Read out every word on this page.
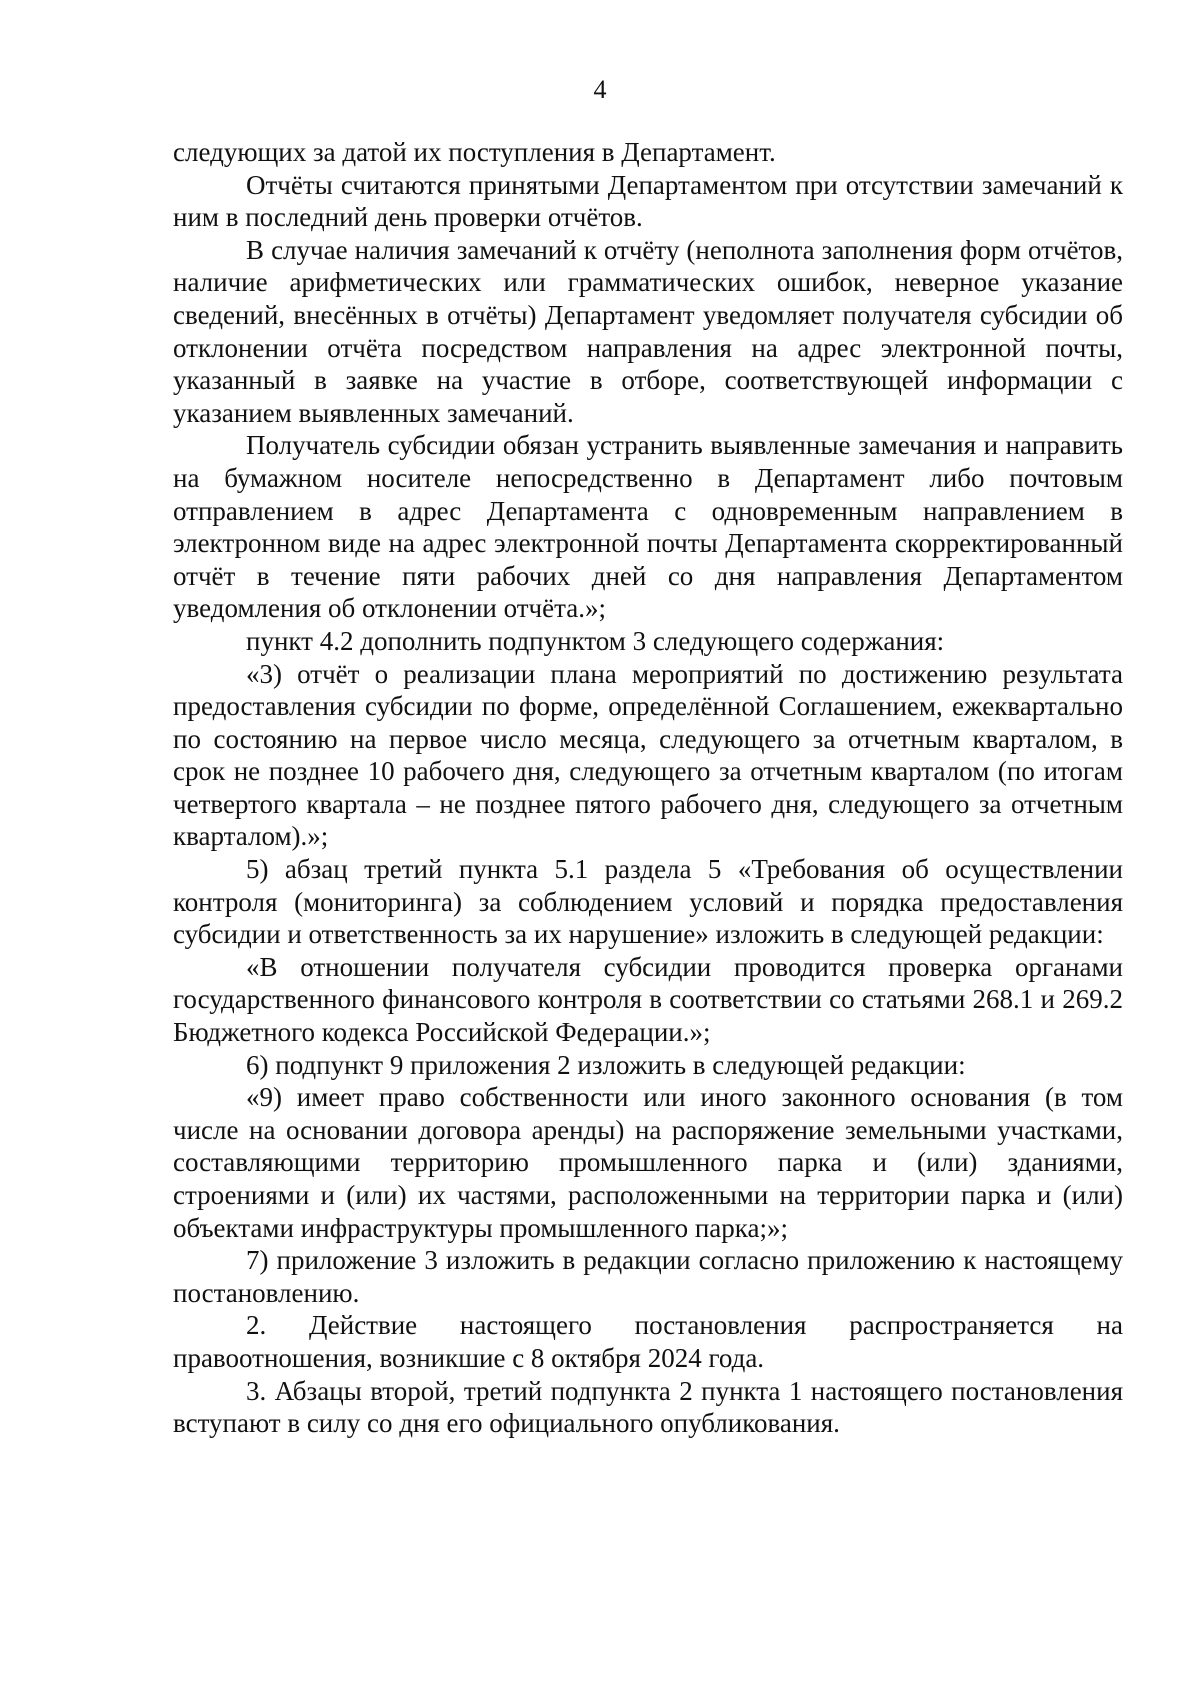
4

следующих за датой их поступления в Департамент.

Отчёты считаются принятыми Департаментом при отсутствии замечаний к ним в последний день проверки отчётов.

В случае наличия замечаний к отчёту (неполнота заполнения форм отчётов, наличие арифметических или грамматических ошибок, неверное указание сведений, внесённых в отчёты) Департамент уведомляет получателя субсидии об отклонении отчёта посредством направления на адрес электронной почты, указанный в заявке на участие в отборе, соответствующей информации с указанием выявленных замечаний.

Получатель субсидии обязан устранить выявленные замечания и направить на бумажном носителе непосредственно в Департамент либо почтовым отправлением в адрес Департамента с одновременным направлением в электронном виде на адрес электронной почты Департамента скорректированный отчёт в течение пяти рабочих дней со дня направления Департаментом уведомления об отклонении отчёта.»;

пункт 4.2 дополнить подпунктом 3 следующего содержания:

«3) отчёт о реализации плана мероприятий по достижению результата предоставления субсидии по форме, определённой Соглашением, ежеквартально по состоянию на первое число месяца, следующего за отчетным кварталом, в срок не позднее 10 рабочего дня, следующего за отчетным кварталом (по итогам четвертого квартала – не позднее пятого рабочего дня, следующего за отчетным кварталом).»;

5) абзац третий пункта 5.1 раздела 5 «Требования об осуществлении контроля (мониторинга) за соблюдением условий и порядка предоставления субсидии и ответственность за их нарушение» изложить в следующей редакции:

«В отношении получателя субсидии проводится проверка органами государственного финансового контроля в соответствии со статьями 268.1 и 269.2 Бюджетного кодекса Российской Федерации.»;

6) подпункт 9 приложения 2 изложить в следующей редакции:

«9) имеет право собственности или иного законного основания (в том числе на основании договора аренды) на распоряжение земельными участками, составляющими территорию промышленного парка и (или) зданиями, строениями и (или) их частями, расположенными на территории парка и (или) объектами инфраструктуры промышленного парка;»;

7) приложение 3 изложить в редакции согласно приложению к настоящему постановлению.

2. Действие настоящего постановления распространяется на правоотношения, возникшие с 8 октября 2024 года.

3. Абзацы второй, третий подпункта 2 пункта 1 настоящего постановления вступают в силу со дня его официального опубликования.
